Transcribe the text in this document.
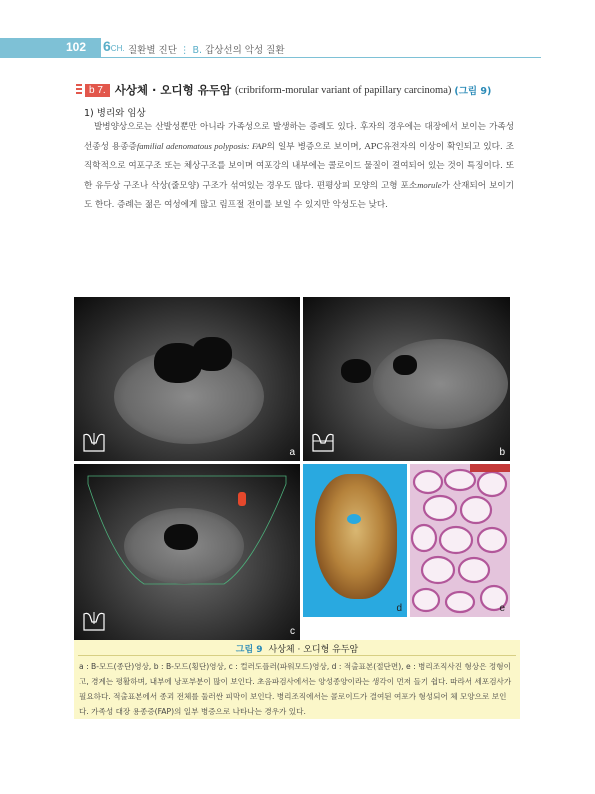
102 6CH. 질환별 진단 ⋮ B. 갑상선의 악성 질환
b 7. 사상체 · 오디형 유두암 (cribriform-morular variant of papillary carcinoma) (그림 9)
1) 병리와 임상

발병양상으로는 산발성뿐만 아니라 가족성으로 발생하는 증례도 있다. 후자의 경우에는 대장에서 보이는 가족성 선종성 용종증familial adenomatous polyposis: FAP의 일부 병증으로 보이며, APC유전자의 이상이 확인되고 있다. 조직학적으로 여포구조 또는 체상구조를 보이며 여포강의 내부에는 콜로이드 물질이 결여되어 있는 것이 특징이다. 또한 유두상 구조나 삭상(줄모양) 구조가 섞여있는 경우도 많다. 편평상피 모양의 고형 포소morule가 산재되어 보이기도 한다. 증례는 젊은 여성에게 많고 림프절 전이를 보일 수 있지만 악성도는 낮다.

a	b
c
d	e
그림 9 사상체 · 오디형 유두암
a : B-모드(종단)영상, b : B-모드(횡단)영상, c : 컬러도플러(파워모드)영상, d : 적출표본(절단면), e : 병리조직사진 형상은 정형이고, 경계는 평활하며, 내부에 낭포부분이 많이 보인다. 초음파검사에서는 양성종양이라는 생각이 먼저 들기 쉽다. 따라서 세포검사가 필요하다. 적출표본에서 종괴 전체를 둘러싼 피막이 보인다. 병리조직에서는 콜로이드가 결여된 여포가 형성되어 체 모양으로 보인다. 가족성 대장 용종증(FAP)의 일부 병증으로 나타나는 경우가 있다.
